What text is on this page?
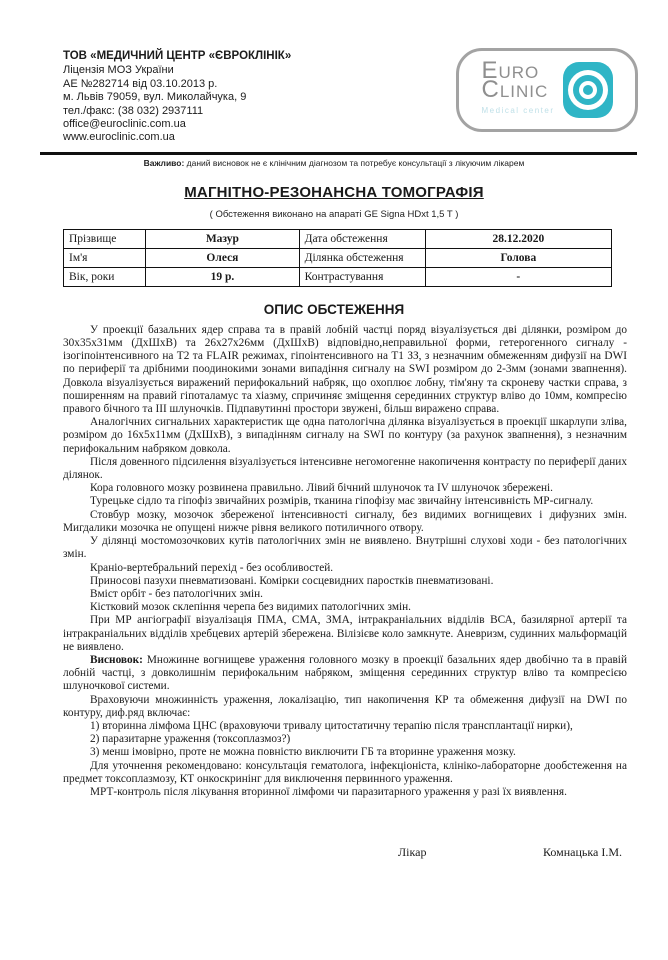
ТОВ «МЕДИЧНИЙ ЦЕНТР «ЄВРОКЛІНІК»
Ліцензія МОЗ України
АЕ №282714 від 03.10.2013 р.
м. Львів 79059, вул. Миколайчука, 9
тел./факс: (38 032) 2937111
office@euroclinic.com.ua
www.euroclinic.com.ua
EURO
CLINIC
Medical center
Важливо: даний висновок не є клінічним діагнозом та потребує консультації з лікуючим лікарем
МАГНІТНО-РЕЗОНАНСНА ТОМОГРАФІЯ
( Обстеження виконано на апараті GE Signa HDxt 1,5 T )
Прізвище	Мазур	Дата обстеження	28.12.2020
Ім'я	Олеся	Ділянка обстеження	Голова
Вік, роки	19 р.	Контрастування	-
ОПИС ОБСТЕЖЕННЯ

У проекції базальних ядер справа та в правій лобній частці поряд візуалізується дві ділянки, розміром до 30х35х31мм (ДхШхВ) та 26х27х26мм (ДхШхВ) відповідно,неправильної форми, гетерогенного сигналу - ізогіпоінтенсивного на Т2 та FLAIR режимах, гіпоінтенсивного на Т1 ЗЗ, з незначним обмеженням дифузії на DWI по периферії та дрібними поодинокими зонами випадіння сигналу на SWI розміром до 2-3мм (зонами звапнення). Довкола візуалізується виражений перифокальний набряк, що охоплює лобну, тім'яну та скроневу частки справа, з поширенням на правий гіпоталамус та хіазму, спричиняє зміщення серединних структур вліво до 10мм, компресію правого бічного та ІІІ шлуночків. Підпавутинні простори звужені, більш виражено справа.

Аналогічних сигнальних характеристик ще одна патологічна ділянка візуалізується в проекції шкарлупи зліва, розміром до 16х5х11мм (ДхШхВ), з випадінням сигналу на SWI по контуру (за рахунок звапнення), з незначним перифокальним набряком довкола.

Після довенного підсилення візуалізується інтенсивне негомогенне накопичення контрасту по периферії даних ділянок.

Кора головного мозку розвинена правильно. Лівий бічний шлуночок та IV шлуночок збережені.

Турецьке сідло та гіпофіз звичайних розмірів, тканина гіпофізу має звичайну інтенсивність МР-сигналу.

Стовбур мозку, мозочок збереженої інтенсивності сигналу, без видимих вогнищевих і дифузних змін. Мигдалики мозочка не опущені нижче рівня великого потиличного отвору.

У ділянці мостомозочкових кутів патологічних змін не виявлено. Внутрішні слухові ходи - без патологічних змін.

Краніо-вертебральний перехід - без особливостей.

Приносові пазухи пневматизовані. Комірки сосцевидних паростків пневматизовані.

Вміст орбіт - без патологічних змін.

Кістковий мозок склепіння черепа без видимих патологічних змін.

При МР ангіографії візуалізація ПМА, СМА, ЗМА, інтракраніальних відділів ВСА, базилярної артерії та інтракраніальних відділів хребцевих артерій збережена. Вілізієве коло замкнуте. Аневризм, судинних мальформацій не виявлено.

Висновок: Множинне вогнищеве ураження головного мозку в проекції базальних ядер двобічно та в правій лобній частці, з довколишнім перифокальним набряком, зміщення серединних структур вліво та компресією шлуночкової системи.

Враховуючи множинність ураження, локалізацію, тип накопичення КР та обмеження дифузії на DWI по контуру, диф.ряд включає:

1) вторинна лімфома ЦНС (враховуючи тривалу цитостатичну терапію після трансплантації нирки),

2) паразитарне ураження (токсоплазмоз?)

3) менш імовірно, проте не можна повністю виключити ГБ та вторинне ураження мозку.

Для уточнення рекомендовано: консультація гематолога, інфекціоніста, клініко-лабораторне дообстеження на предмет токсоплазмозу, КТ онкоскринінг для виключення первинного ураження.

МРТ-контроль після лікування вторинної лімфоми чи паразитарного ураження у разі їх виявлення.

Лікар	Комнацька І.М.
